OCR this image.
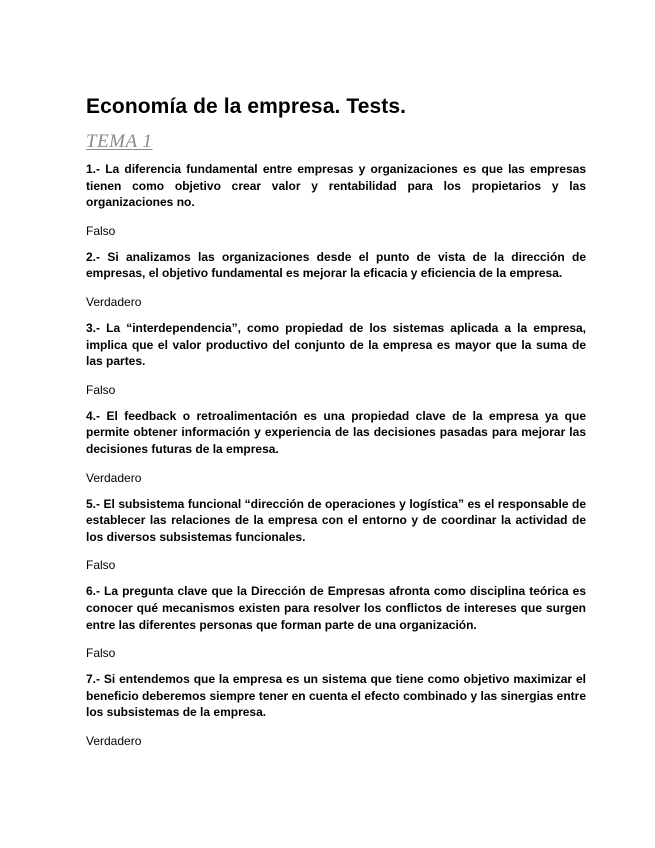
Economía de la empresa. Tests.
TEMA 1

1.- La diferencia fundamental entre empresas y organizaciones es que las empresas tienen como objetivo crear valor y rentabilidad para los propietarios y las organizaciones no.

Falso

2.- Si analizamos las organizaciones desde el punto de vista de la dirección de empresas, el objetivo fundamental es mejorar la eficacia y eficiencia de la empresa.

Verdadero

3.- La “interdependencia”, como propiedad de los sistemas aplicada a la empresa, implica que el valor productivo del conjunto de la empresa es mayor que la suma de las partes.

Falso

4.- El feedback o retroalimentación es una propiedad clave de la empresa ya que permite obtener información y experiencia de las decisiones pasadas para mejorar las decisiones futuras de la empresa.

Verdadero

5.- El subsistema funcional “dirección de operaciones y logística” es el responsable de establecer las relaciones de la empresa con el entorno y de coordinar la actividad de los diversos subsistemas funcionales.

Falso

6.- La pregunta clave que la Dirección de Empresas afronta como disciplina teórica es conocer qué mecanismos existen para resolver los conflictos de intereses que surgen entre las diferentes personas que forman parte de una organización.

Falso

7.- Si entendemos que la empresa es un sistema que tiene como objetivo maximizar el beneficio deberemos siempre tener en cuenta el efecto combinado y las sinergias entre los subsistemas de la empresa.

Verdadero
